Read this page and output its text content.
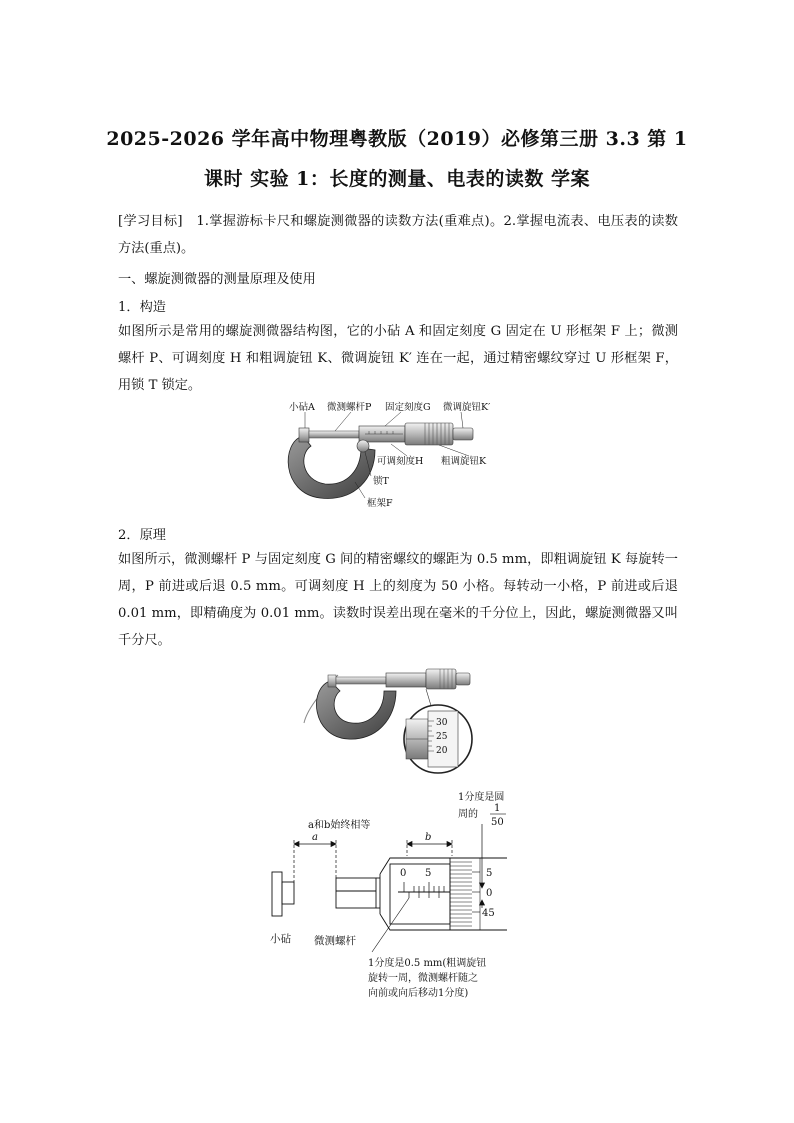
2025-2026 学年高中物理粤教版（2019）必修第三册 3.3 第 1
课时 实验 1：长度的测量、电表的读数 学案
[学习目标]　1.掌握游标卡尺和螺旋测微器的读数方法(重难点)。2.掌握电流表、电压表的读数方法(重点)。
一、螺旋测微器的测量原理及使用
1．构造
如图所示是常用的螺旋测微器结构图，它的小砧 A 和固定刻度 G 固定在 U 形框架 F 上；微测螺杆 P、可调刻度 H 和粗调旋钮 K、微调旋钮 K′ 连在一起，通过精密螺纹穿过 U 形框架 F，用锁 T 锁定。
小砧A 微测螺杆P 固定刻度G 微调旋钮K′
可调刻度H 粗调旋钮K
锁T
框架F
2．原理
如图所示，微测螺杆 P 与固定刻度 G 间的精密螺纹的螺距为 0.5 mm，即粗调旋钮 K 每旋转一周，P 前进或后退 0.5 mm。可调刻度 H 上的刻度为 50 小格。每转动一小格，P 前进或后退 0.01 mm，即精确度为 0.01 mm。读数时误差出现在毫米的千分位上，因此，螺旋测微器又叫千分尺。
30
25
20
a
a和b始终相等
0 5
b
5
0
45
1分度是圆
周的
1
50
小砧 微测螺杆
1分度是0.5 mm(粗调旋钮
旋转一周，微测螺杆随之
向前或向后移动1分度)
